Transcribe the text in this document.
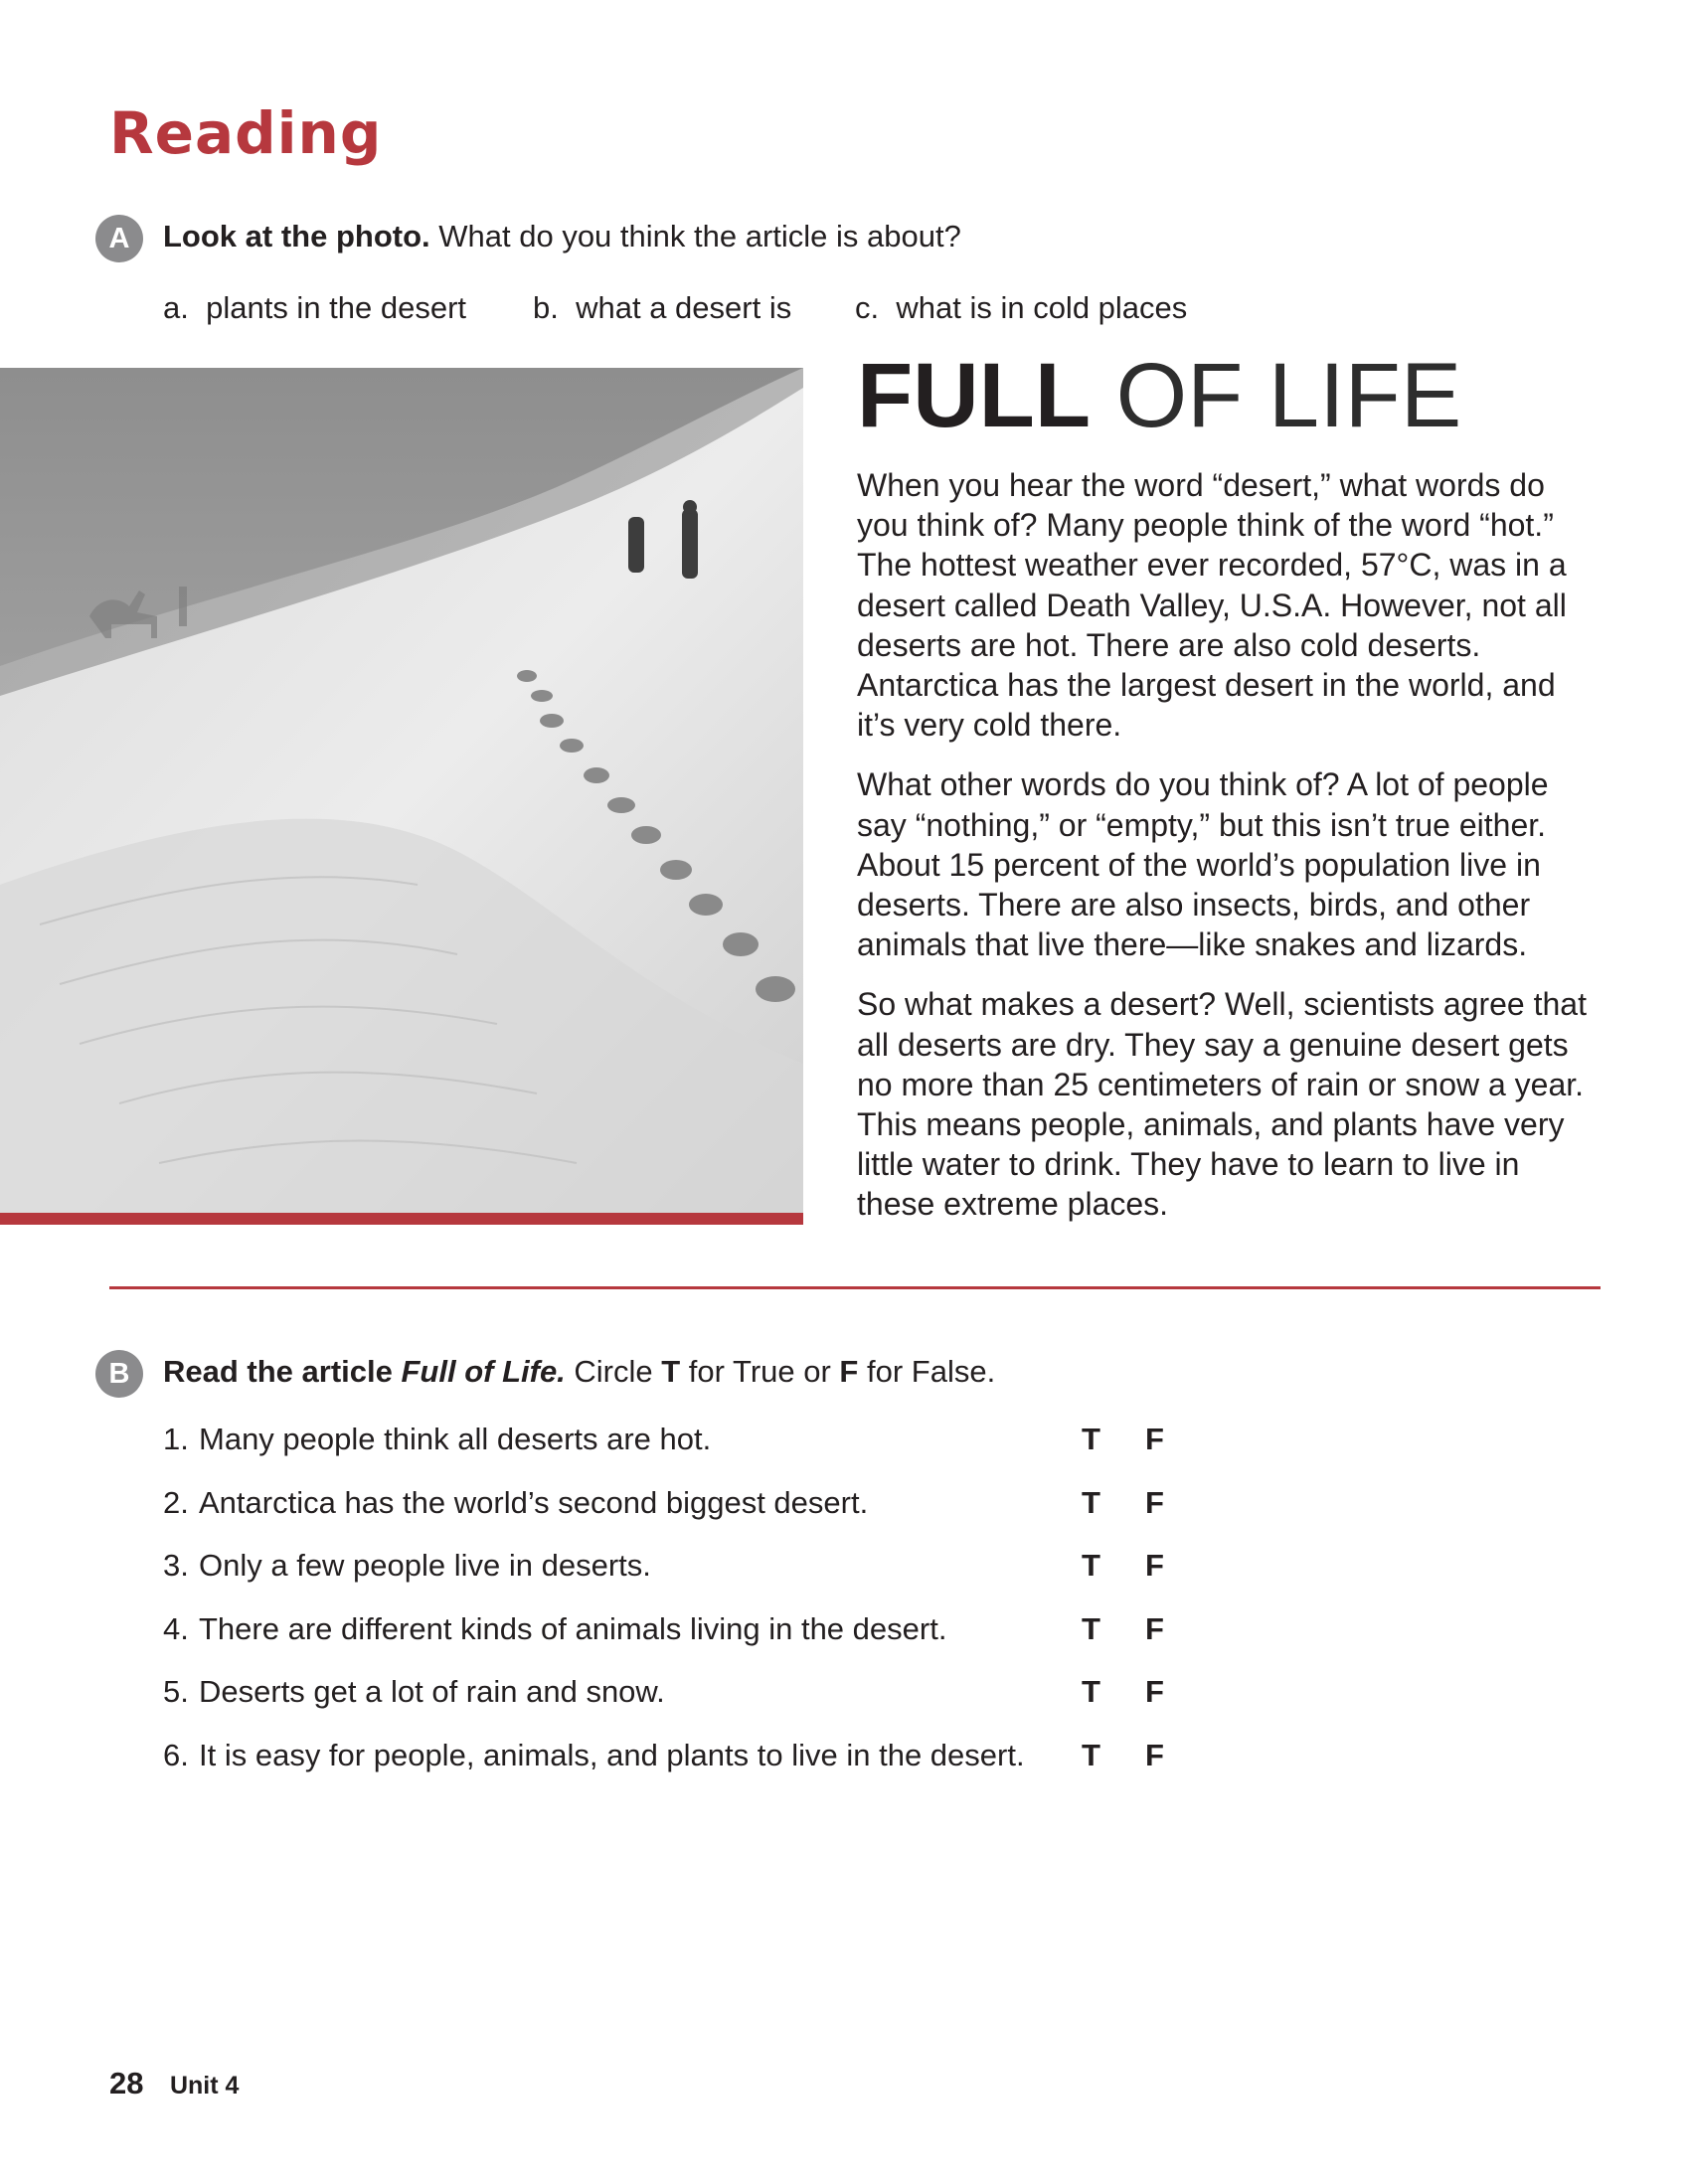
Reading
A	Look at the photo. What do you think the article is about?
a. plants in the desert b. what a desert is c. what is in cold places
FULL OF LIFE

When you hear the word “desert,” what words do you think of? Many people think of the word “hot.” The hottest weather ever recorded, 57°C, was in a desert called Death Valley, U.S.A. However, not all deserts are hot. There are also cold deserts. Antarctica has the largest desert in the world, and it’s very cold there.

What other words do you think of? A lot of people say “nothing,” or “empty,” but this isn’t true either. About 15 percent of the world’s population live in deserts. There are also insects, birds, and other animals that live there—like snakes and lizards.

So what makes a desert? Well, scientists agree that all deserts are dry. They say a genuine desert gets no more than 25 centimeters of rain or snow a year. This means people, animals, and plants have very little water to drink. They have to learn to live in these extreme places.

B	Read the article Full of Life. Circle T for True or F for False.
1. Many people think all deserts are hot.	T F
2. Antarctica has the world’s second biggest desert.	T F
3. Only a few people live in deserts.	T F
4. There are different kinds of animals living in the desert.	T F
5. Deserts get a lot of rain and snow.	T F
6. It is easy for people, animals, and plants to live in the desert. T F
28 Unit 4
